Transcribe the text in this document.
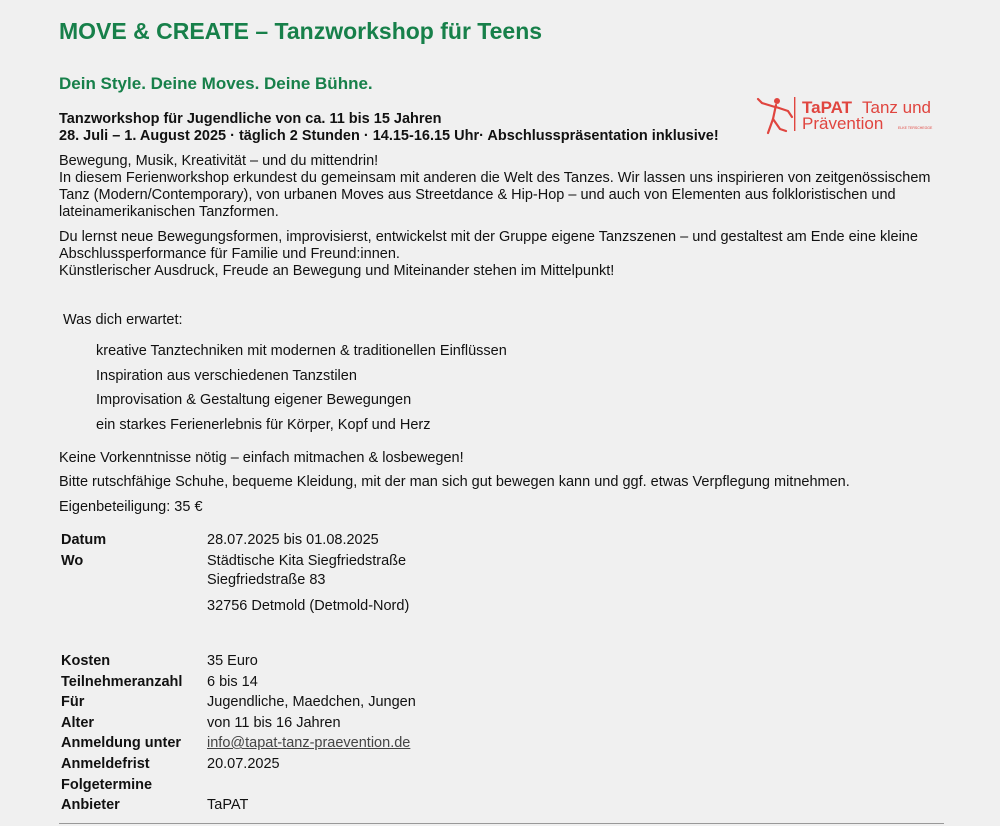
MOVE & CREATE – Tanzworkshop für Teens
Dein Style. Deine Moves. Deine Bühne.
Tanzworkshop für Jugendliche von ca. 11 bis 15 Jahren
28. Juli – 1. August 2025 · täglich 2 Stunden · 14.15-16.15 Uhr· Abschlusspräsentation inklusive!
TaPAT Tanz und
Prävention	ELKE TERSCHEGGE
Bewegung, Musik, Kreativität – und du mittendrin!
In diesem Ferienworkshop erkundest du gemeinsam mit anderen die Welt des Tanzes. Wir lassen uns inspirieren von zeitgenössischem Tanz (Modern/Contemporary), von urbanen Moves aus Streetdance & Hip-Hop – und auch von Elementen aus folkloristischen und lateinamerikanischen Tanzformen.
Du lernst neue Bewegungsformen, improvisierst, entwickelst mit der Gruppe eigene Tanzszenen – und gestaltest am Ende eine kleine Abschlussperformance für Familie und Freund:innen.
Künstlerischer Ausdruck, Freude an Bewegung und Miteinander stehen im Mittelpunkt!

Was dich erwartet:

kreative Tanztechniken mit modernen & traditionellen Einflüssen
Inspiration aus verschiedenen Tanzstilen
Improvisation & Gestaltung eigener Bewegungen
ein starkes Ferienerlebnis für Körper, Kopf und Herz

Keine Vorkenntnisse nötig – einfach mitmachen & losbewegen!

Bitte rutschfähige Schuhe, bequeme Kleidung, mit der man sich gut bewegen kann und ggf. etwas Verpflegung mitnehmen.

Eigenbeteiligung: 35 €

Datum	28.07.2025 bis 01.08.2025
Wo	Städtische Kita Siegfriedstraße
Siegfriedstraße 83
32756 Detmold (Detmold-Nord)
Kosten	35 Euro
Teilnehmeranzahl 6 bis 14
Für	Jugendliche, Maedchen, Jungen
Alter	von 11 bis 16 Jahren
Anmeldung unter info@tapat-tanz-praevention.de
Anmeldefrist	20.07.2025
Folgetermine
Anbieter	TaPAT
